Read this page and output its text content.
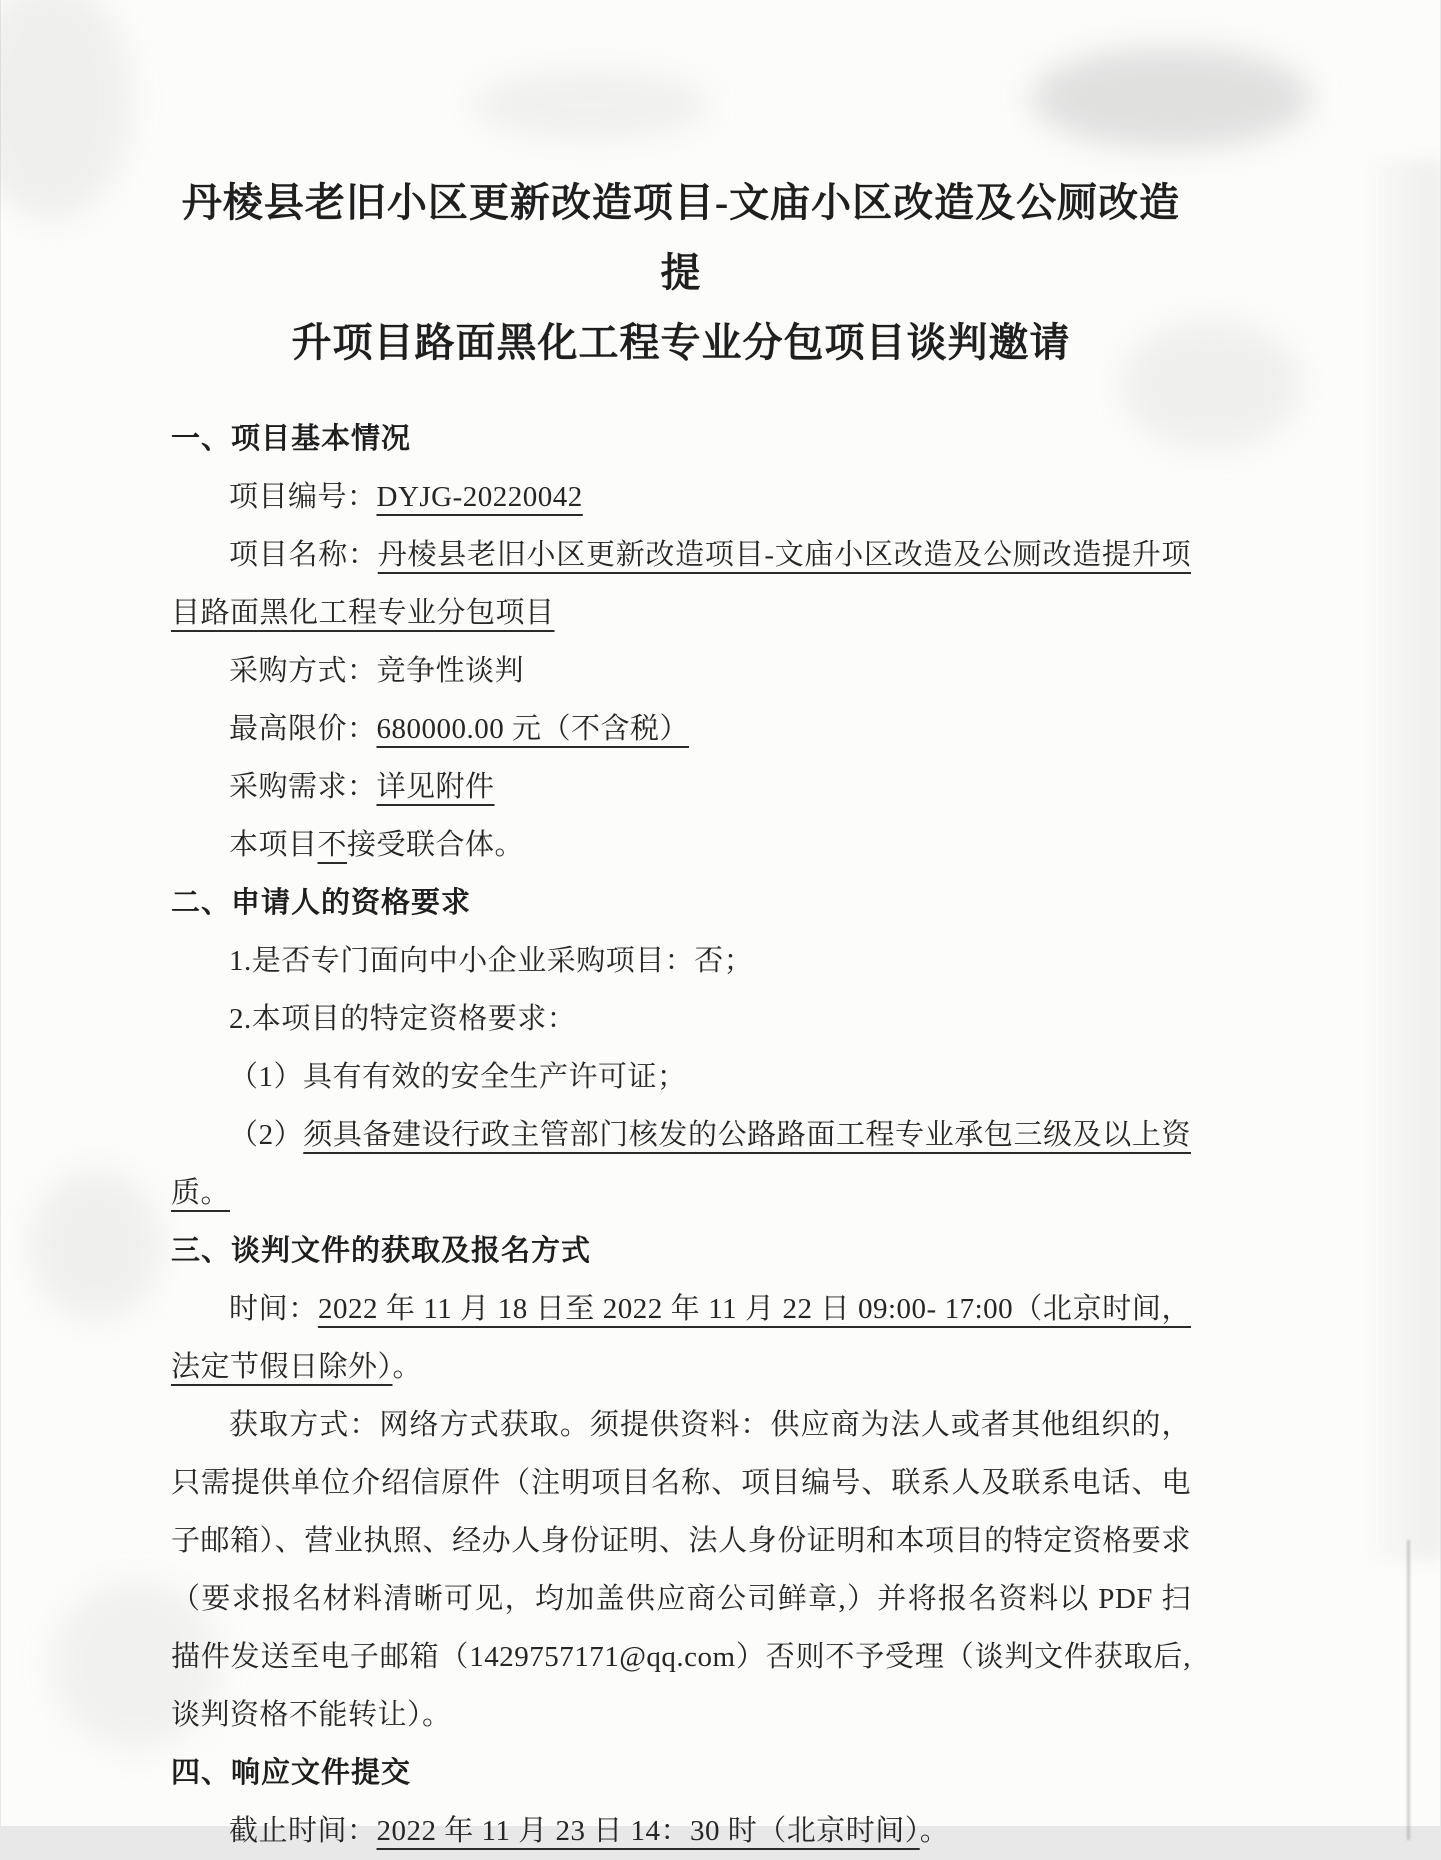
丹棱县老旧小区更新改造项目-文庙小区改造及公厕改造提
升项目路面黑化工程专业分包项目谈判邀请
一、项目基本情况

项目编号：DYJG-20220042

项目名称：丹棱县老旧小区更新改造项目-文庙小区改造及公厕改造提升项目路面黑化工程专业分包项目

采购方式：竞争性谈判

最高限价：680000.00 元（不含税）

采购需求：详见附件

本项目不接受联合体。

二、申请人的资格要求

1.是否专门面向中小企业采购项目：否；

2.本项目的特定资格要求：

（1）具有有效的安全生产许可证；

（2）须具备建设行政主管部门核发的公路路面工程专业承包三级及以上资质。

三、谈判文件的获取及报名方式

时间：2022 年 11 月 18 日至 2022 年 11 月 22 日 09:00- 17:00（北京时间，法定节假日除外）。

获取方式：网络方式获取。须提供资料：供应商为法人或者其他组织的，只需提供单位介绍信原件（注明项目名称、项目编号、联系人及联系电话、电子邮箱）、营业执照、经办人身份证明、法人身份证明和本项目的特定资格要求（要求报名材料清晰可见，均加盖供应商公司鲜章,）并将报名资料以 PDF 扫描件发送至电子邮箱（1429757171@qq.com）否则不予受理（谈判文件获取后,谈判资格不能转让）。

四、响应文件提交

截止时间：2022 年 11 月 23 日 14：30 时（北京时间）。
